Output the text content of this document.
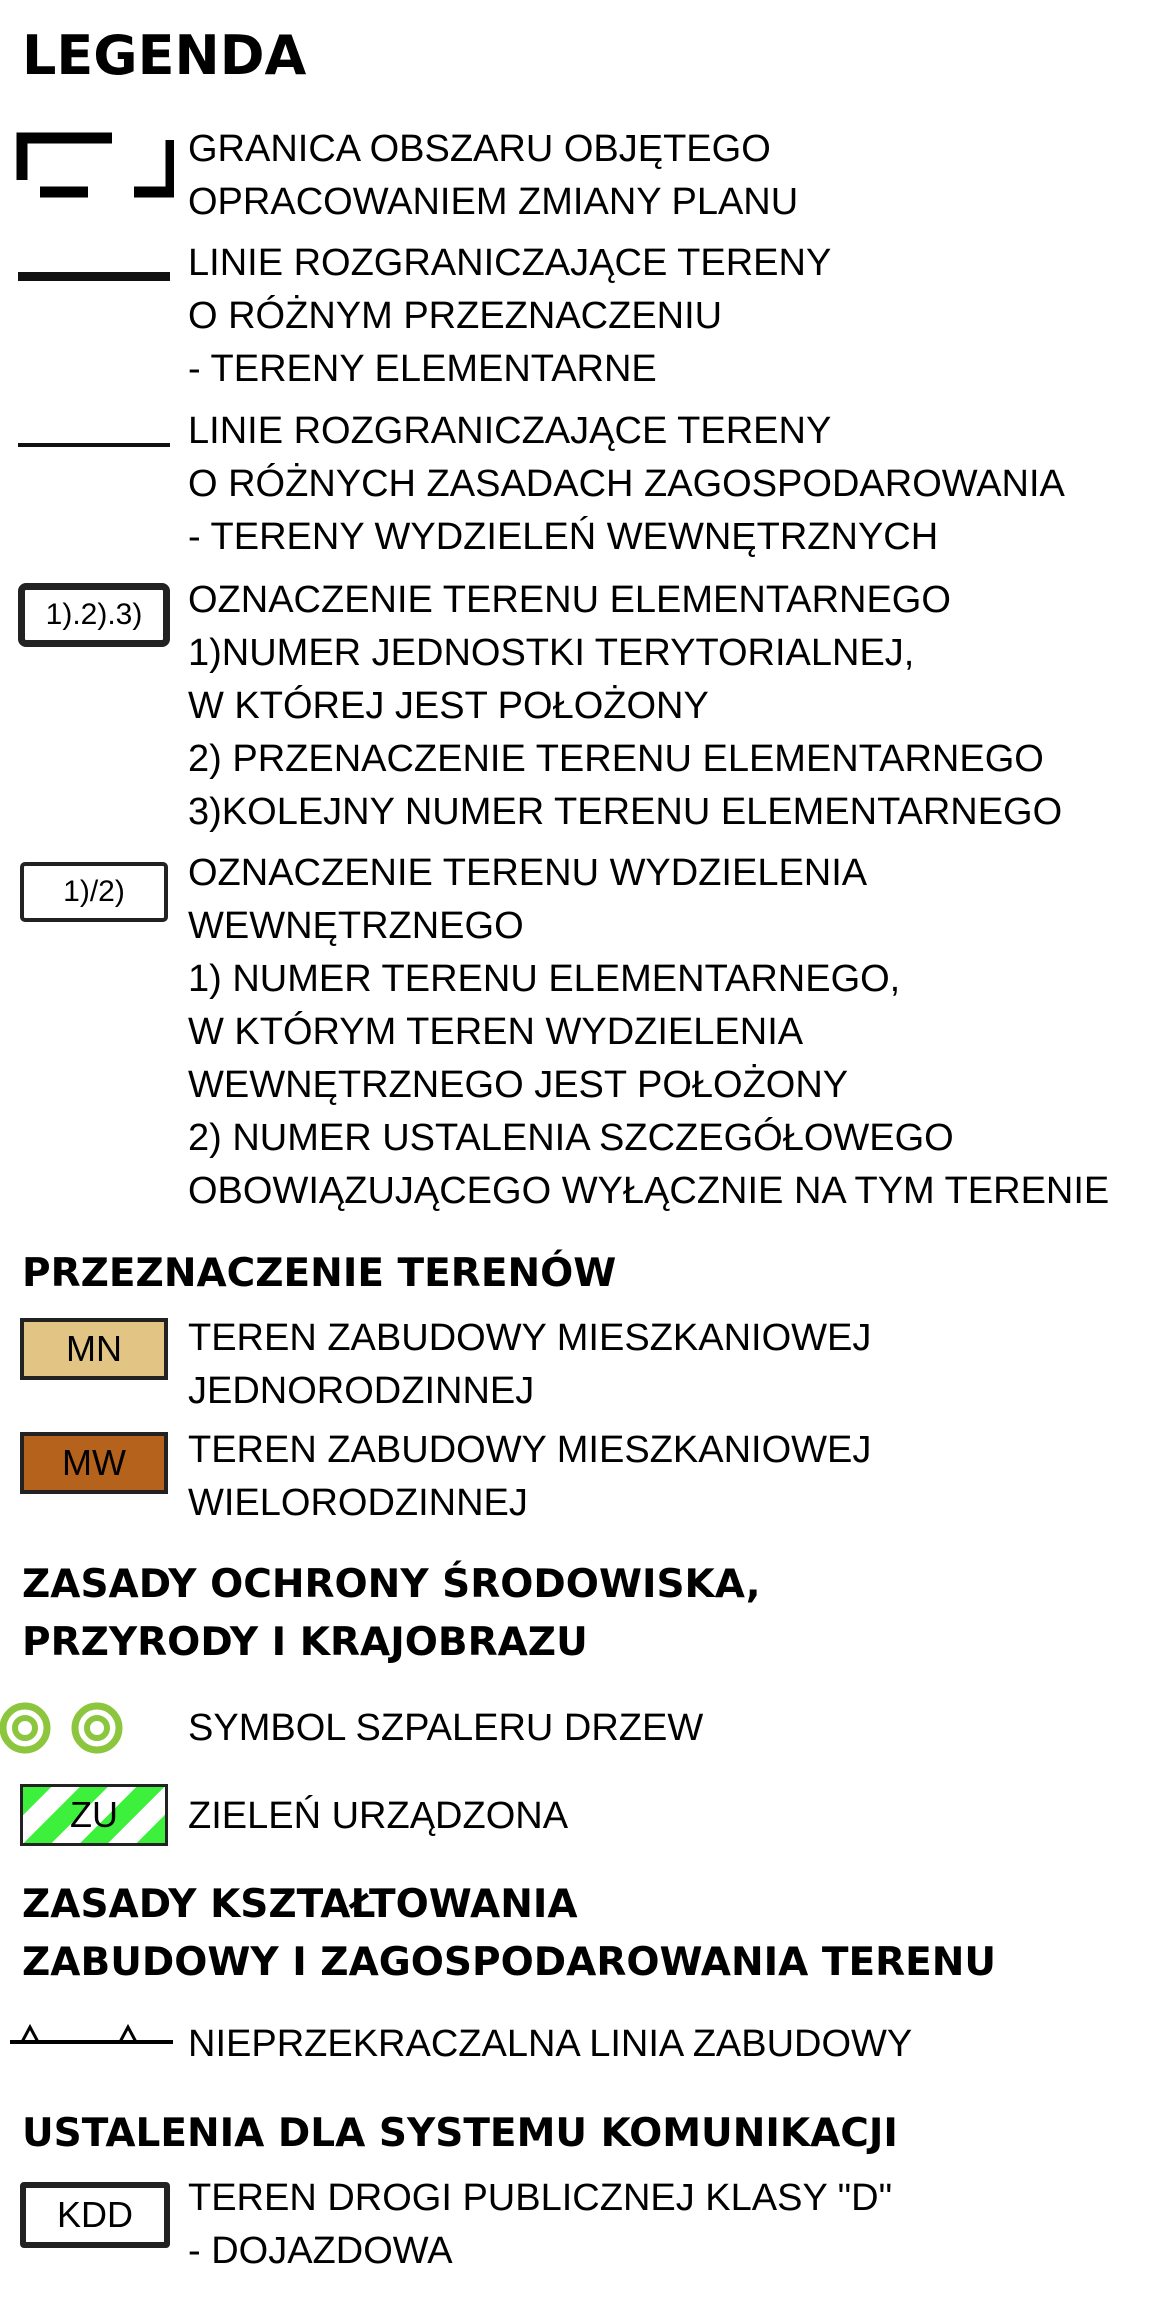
LEGENDA
GRANICA OBSZARU OBJĘTEGO
OPRACOWANIEM ZMIANY PLANU
LINIE ROZGRANICZAJĄCE TERENY
O RÓŻNYM PRZEZNACZENIU
- TERENY ELEMENTARNE
LINIE ROZGRANICZAJĄCE TERENY
O RÓŻNYCH ZASADACH ZAGOSPODAROWANIA
- TERENY WYDZIELEŃ WEWNĘTRZNYCH
1).2).3)	OZNACZENIE TERENU ELEMENTARNEGO
1)NUMER JEDNOSTKI TERYTORIALNEJ,
W KTÓREJ JEST POŁOŻONY
2) PRZENACZENIE TERENU ELEMENTARNEGO
3)KOLEJNY NUMER TERENU ELEMENTARNEGO
1)/2)	OZNACZENIE TERENU WYDZIELENIA
WEWNĘTRZNEGO
1) NUMER TERENU ELEMENTARNEGO,
W KTÓRYM TEREN WYDZIELENIA
WEWNĘTRZNEGO JEST POŁOŻONY
2) NUMER USTALENIA SZCZEGÓŁOWEGO
OBOWIĄZUJĄCEGO WYŁĄCZNIE NA TYM TERENIE
PRZEZNACZENIE TERENÓW
MN	TEREN ZABUDOWY MIESZKANIOWEJ
JEDNORODZINNEJ
MW	TEREN ZABUDOWY MIESZKANIOWEJ
WIELORODZINNEJ
ZASADY OCHRONY ŚRODOWISKA,
PRZYRODY I KRAJOBRAZU
SYMBOL SZPALERU DRZEW
ZU	ZIELEŃ URZĄDZONA
ZASADY KSZTAŁTOWANIA
ZABUDOWY I ZAGOSPODAROWANIA TERENU
NIEPRZEKRACZALNA LINIA ZABUDOWY
USTALENIA DLA SYSTEMU KOMUNIKACJI
KDD	TEREN DROGI PUBLICZNEJ KLASY "D"
- DOJAZDOWA
